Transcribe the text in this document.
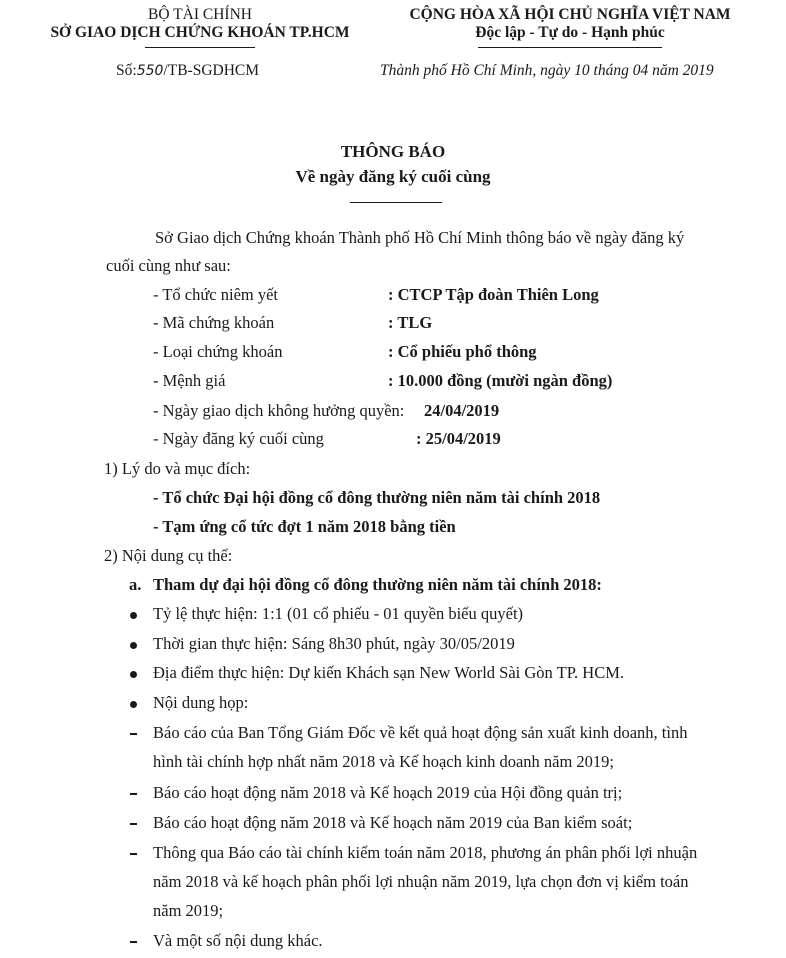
BỘ TÀI CHÍNH
SỞ GIAO DỊCH CHỨNG KHOÁN TP.HCM
Số:550/TB-SGDHCM
CỘNG HÒA XÃ HỘI CHỦ NGHĨA VIỆT NAM
Độc lập - Tự do - Hạnh phúc
Thành phố Hồ Chí Minh, ngày 10 tháng 04 năm 2019
THÔNG BÁO
Về ngày đăng ký cuối cùng
Sở Giao dịch Chứng khoán Thành phố Hồ Chí Minh thông báo về ngày đăng ký
cuối cùng như sau:
- Tổ chức niêm yết	: CTCP Tập đoàn Thiên Long
- Mã chứng khoán	: TLG
- Loại chứng khoán	: Cổ phiếu phổ thông
- Mệnh giá	: 10.000 đồng (mười ngàn đồng)
- Ngày giao dịch không hưởng quyền: 24/04/2019
- Ngày đăng ký cuối cùng	: 25/04/2019
1) Lý do và mục đích:
- Tổ chức Đại hội đồng cổ đông thường niên năm tài chính 2018
- Tạm ứng cổ tức đợt 1 năm 2018 bằng tiền
2) Nội dung cụ thể:
a. Tham dự đại hội đồng cổ đông thường niên năm tài chính 2018:
Tỷ lệ thực hiện: 1:1 (01 cổ phiếu - 01 quyền biểu quyết)
Thời gian thực hiện: Sáng 8h30 phút, ngày 30/05/2019
Địa điểm thực hiện: Dự kiến Khách sạn New World Sài Gòn TP. HCM.
Nội dung họp:
Báo cáo của Ban Tổng Giám Đốc về kết quả hoạt động sản xuất kinh doanh, tình
hình tài chính hợp nhất năm 2018 và Kế hoạch kinh doanh năm 2019;
Báo cáo hoạt động năm 2018 và Kế hoạch 2019 của Hội đồng quản trị;
Báo cáo hoạt động năm 2018 và Kế hoạch năm 2019 của Ban kiểm soát;
Thông qua Báo cáo tài chính kiểm toán năm 2018, phương án phân phối lợi nhuận
năm 2018 và kế hoạch phân phối lợi nhuận năm 2019, lựa chọn đơn vị kiểm toán
năm 2019;
Và một số nội dung khác.
